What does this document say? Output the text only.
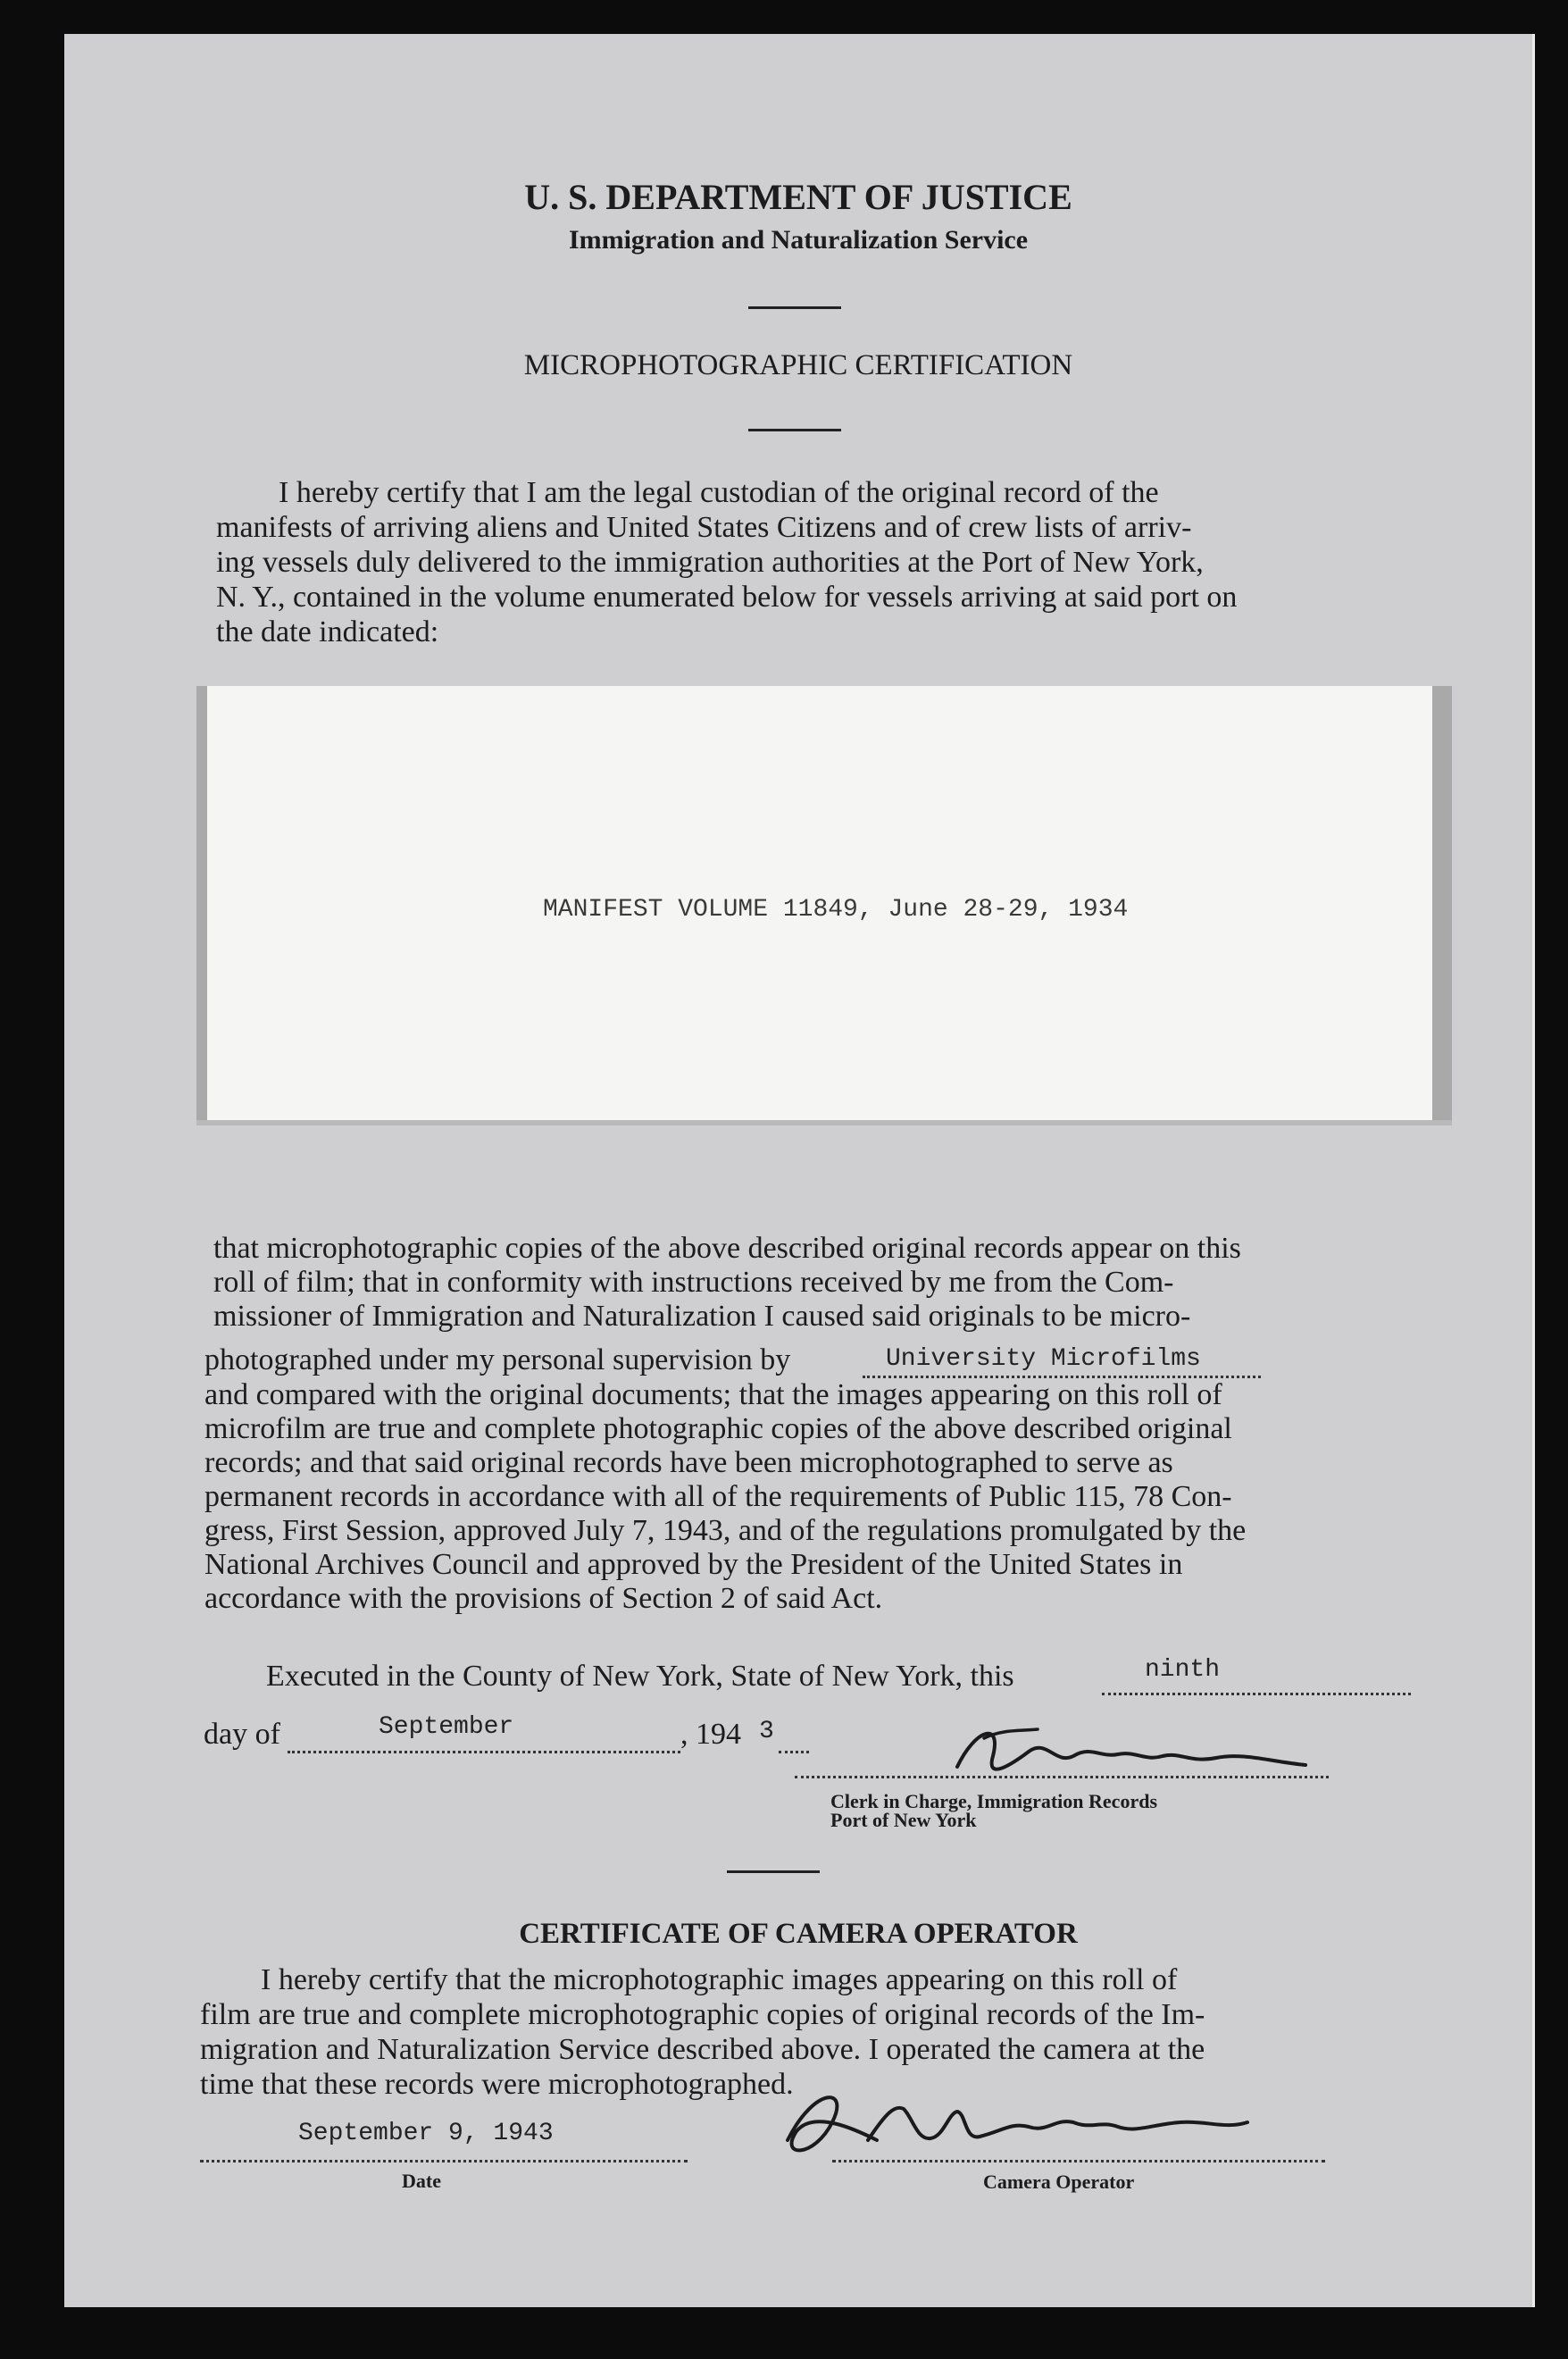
U. S. DEPARTMENT OF JUSTICE
Immigration and Naturalization Service
MICROPHOTOGRAPHIC CERTIFICATION
I hereby certify that I am the legal custodian of the original record of the
manifests of arriving aliens and United States Citizens and of crew lists of arriv-
ing vessels duly delivered to the immigration authorities at the Port of New York,
N. Y., contained in the volume enumerated below for vessels arriving at said port on
the date indicated:
MANIFEST VOLUME 11849, June 28-29, 1934
that microphotographic copies of the above described original records appear on this
roll of film; that in conformity with instructions received by me from the Com-
missioner of Immigration and Naturalization I caused said originals to be micro-
photographed under my personal supervision by	University Microfilms
and compared with the original documents; that the images appearing on this roll of
microfilm are true and complete photographic copies of the above described original
records; and that said original records have been microphotographed to serve as
permanent records in accordance with all of the requirements of Public 115, 78 Con-
gress, First Session, approved July 7, 1943, and of the regulations promulgated by the
National Archives Council and approved by the President of the United States in
accordance with the provisions of Section 2 of said Act.
Executed in the County of New York, State of New York, this	ninth
day of	September	, 194 3
Clerk in Charge, Immigration Records
Port of New York
CERTIFICATE OF CAMERA OPERATOR
I hereby certify that the microphotographic images appearing on this roll of
film are true and complete microphotographic copies of original records of the Im-
migration and Naturalization Service described above. I operated the camera at the
time that these records were microphotographed.
September 9, 1943
Date	Camera Operator
